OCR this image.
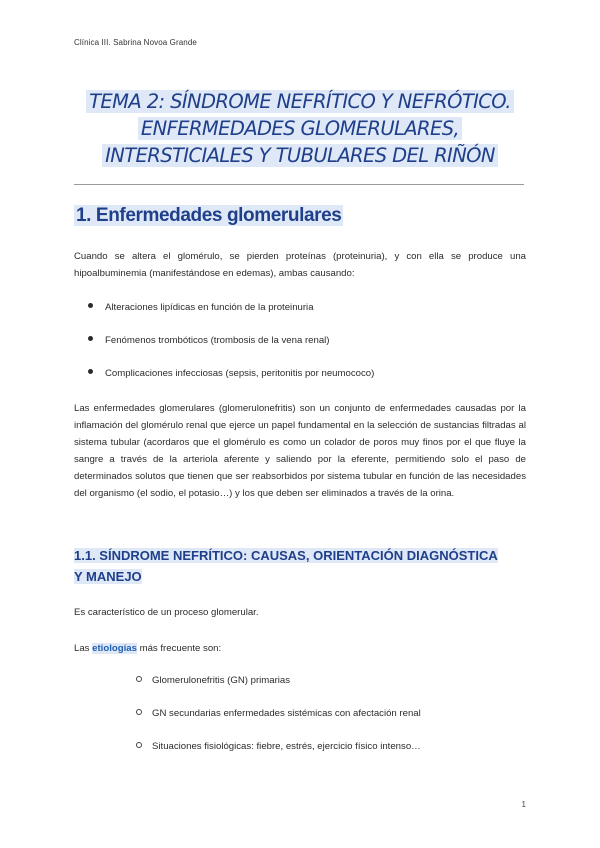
Clínica III. Sabrina Novoa Grande
TEMA 2: SÍNDROME NEFRÍTICO Y NEFRÓTICO.
ENFERMEDADES GLOMERULARES,
INTERSTICIALES Y TUBULARES DEL RIÑÓN
1. Enfermedades glomerulares
Cuando se altera el glomérulo, se pierden proteínas (proteinuria), y con ella se produce una hipoalbuminemia (manifestándose en edemas), ambas causando:
Alteraciones lipídicas en función de la proteinuria
Fenómenos trombóticos (trombosis de la vena renal)
Complicaciones infecciosas (sepsis, peritonitis por neumococo)
Las enfermedades glomerulares (glomerulonefritis) son un conjunto de enfermedades causadas por la inflamación del glomérulo renal que ejerce un papel fundamental en la selección de sustancias filtradas al sistema tubular (acordaros que el glomérulo es como un colador de poros muy finos por el que fluye la sangre a través de la arteriola aferente y saliendo por la eferente, permitiendo solo el paso de determinados solutos que tienen que ser reabsorbidos por sistema tubular en función de las necesidades del organismo (el sodio, el potasio…) y los que deben ser eliminados a través de la orina.
1.1. SÍNDROME NEFRÍTICO: CAUSAS, ORIENTACIÓN DIAGNÓSTICA
Y MANEJO
Es característico de un proceso glomerular.
Las etiologías más frecuente son:
Glomerulonefritis (GN) primarias
GN secundarias enfermedades sistémicas con afectación renal
Situaciones fisiológicas: fiebre, estrés, ejercicio físico intenso…
1
